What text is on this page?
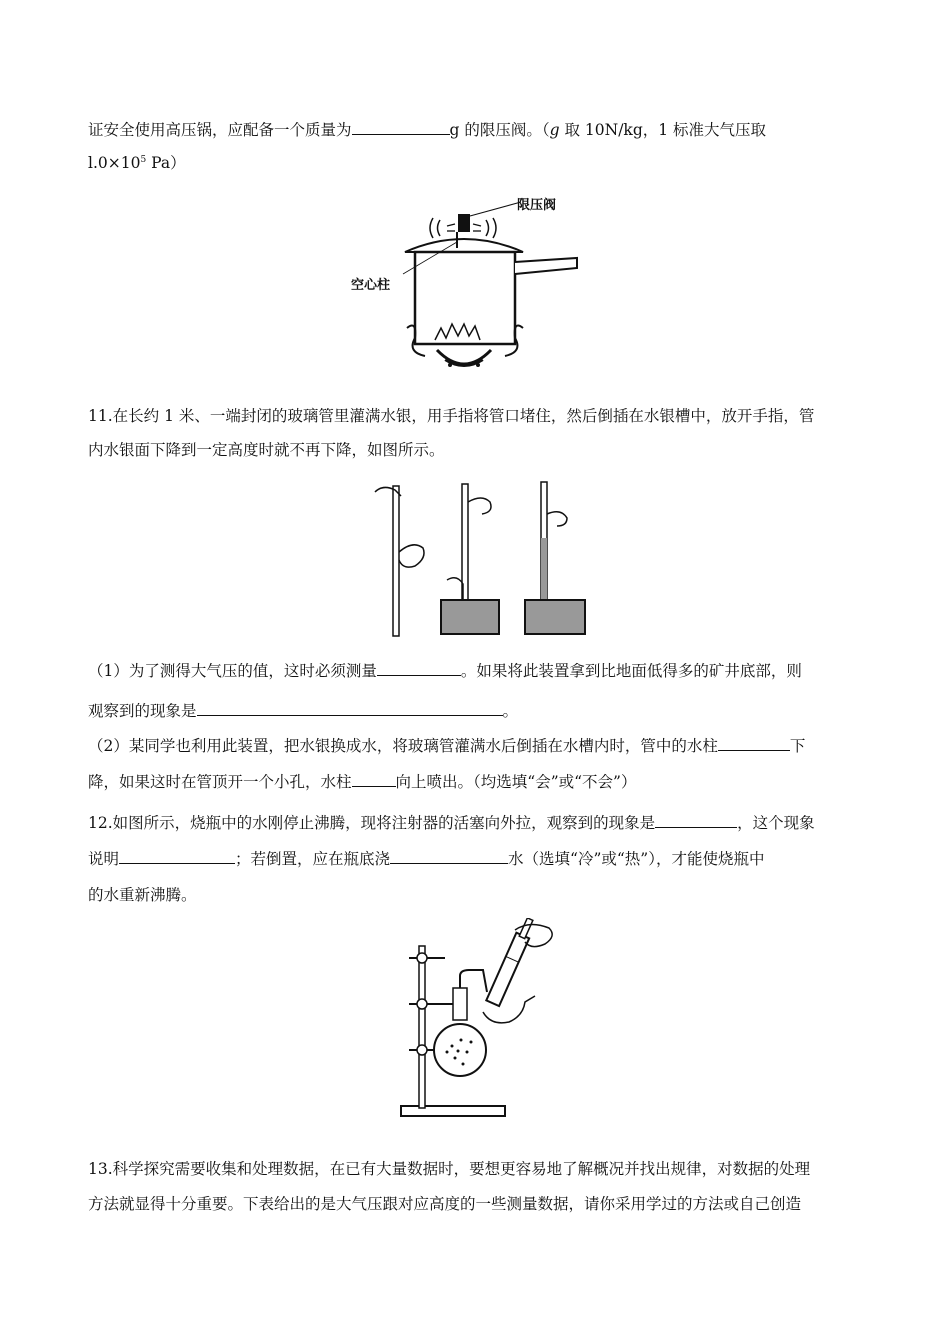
证安全使用高压锅，应配备一个质量为	g 的限压阀。（g 取 10N/kg，1 标准大气压取
$l.0\times 10^5$ Pa）
限压阀
空心柱
11.在长约 1 米、一端封闭的玻璃管里灌满水银，用手指将管口堵住，然后倒插在水银槽中，放开手指，管
内水银面下降到一定高度时就不再下降，如图所示。
（1）为了测得大气压的值，这时必须测量	。如果将此装置拿到比地面低得多的矿井底部，则
观察到的现象是	。
（2）某同学也利用此装置，把水银换成水，将玻璃管灌满水后倒插在水槽内时，管中的水柱	下
降，如果这时在管顶开一个小孔，水柱	向上喷出。（均选填“会”或“不会”）
12.如图所示，烧瓶中的水刚停止沸腾，现将注射器的活塞向外拉，观察到的现象是	，这个现象
说明	；若倒置，应在瓶底浇	水（选填“冷”或“热”），才能使烧瓶中
的水重新沸腾。
13.科学探究需要收集和处理数据，在已有大量数据时，要想更容易地了解概况并找出规律，对数据的处理
方法就显得十分重要。下表给出的是大气压跟对应高度的一些测量数据，请你采用学过的方法或自己创造
